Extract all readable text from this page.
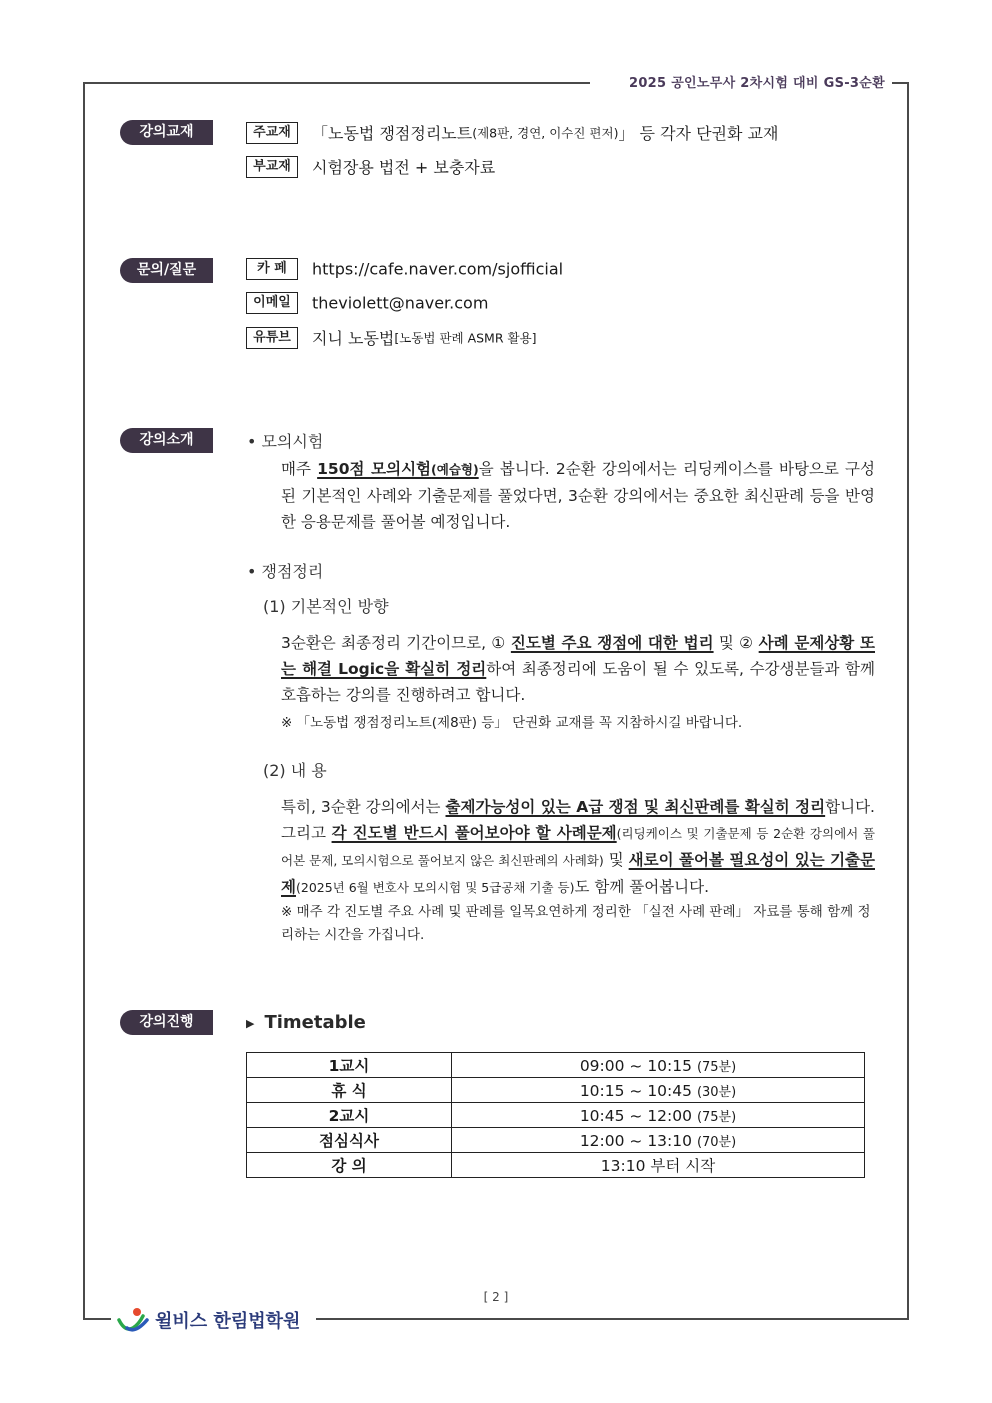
2025 공인노무사 2차시험 대비 GS-3순환
강의교재	주교재 「노동법 쟁점정리노트(제8판, 경연, 이수진 편저)」 등 각자 단권화 교재
부교재 시험장용 법전 + 보충자료
문의/질문	카 페 https://cafe.naver.com/sjofficial
이메일 theviolett@naver.com
유튜브 지니 노동법[노동법 판례 ASMR 활용]
강의소개	• 모의시험
매주 150점 모의시험(예습형)을 봅니다. 2순환 강의에서는 리딩케이스를 바탕으로 구성된 기본적인 사례와 기출문제를 풀었다면, 3순환 강의에서는 중요한 최신판례 등을 반영한 응용문제를 풀어볼 예정입니다.
• 쟁점정리
(1) 기본적인 방향
3순환은 최종정리 기간이므로, ① 진도별 주요 쟁점에 대한 법리 및 ② 사례 문제상황 또는 해결 Logic을 확실히 정리하여 최종정리에 도움이 될 수 있도록, 수강생분들과 함께 호흡하는 강의를 진행하려고 합니다.
※ 「노동법 쟁점정리노트(제8판) 등」 단권화 교재를 꼭 지참하시길 바랍니다.
(2) 내 용
특히, 3순환 강의에서는 출제가능성이 있는 A급 쟁점 및 최신판례를 확실히 정리합니다. 그리고 각 진도별 반드시 풀어보아야 할 사례문제(리딩케이스 및 기출문제 등 2순환 강의에서 풀어본 문제, 모의시험으로 풀어보지 않은 최신판례의 사례화) 및 새로이 풀어볼 필요성이 있는 기출문제(2025년 6월 변호사 모의시험 및 5급공채 기출 등)도 함께 풀어봅니다.
※ 매주 각 진도별 주요 사례 및 판례를 일목요연하게 정리한 「실전 사례 판례」 자료를 통해 함께 정리하는 시간을 가집니다.
강의진행	▶ Timetable
1교시	09:00 ~ 10:15 (75분)
휴 식	10:15 ~ 10:45 (30분)
2교시	10:45 ~ 12:00 (75분)
점심식사	12:00 ~ 13:10 (70분)
강 의	13:10 부터 시작
[ 2 ]
윌비스 한림법학원
